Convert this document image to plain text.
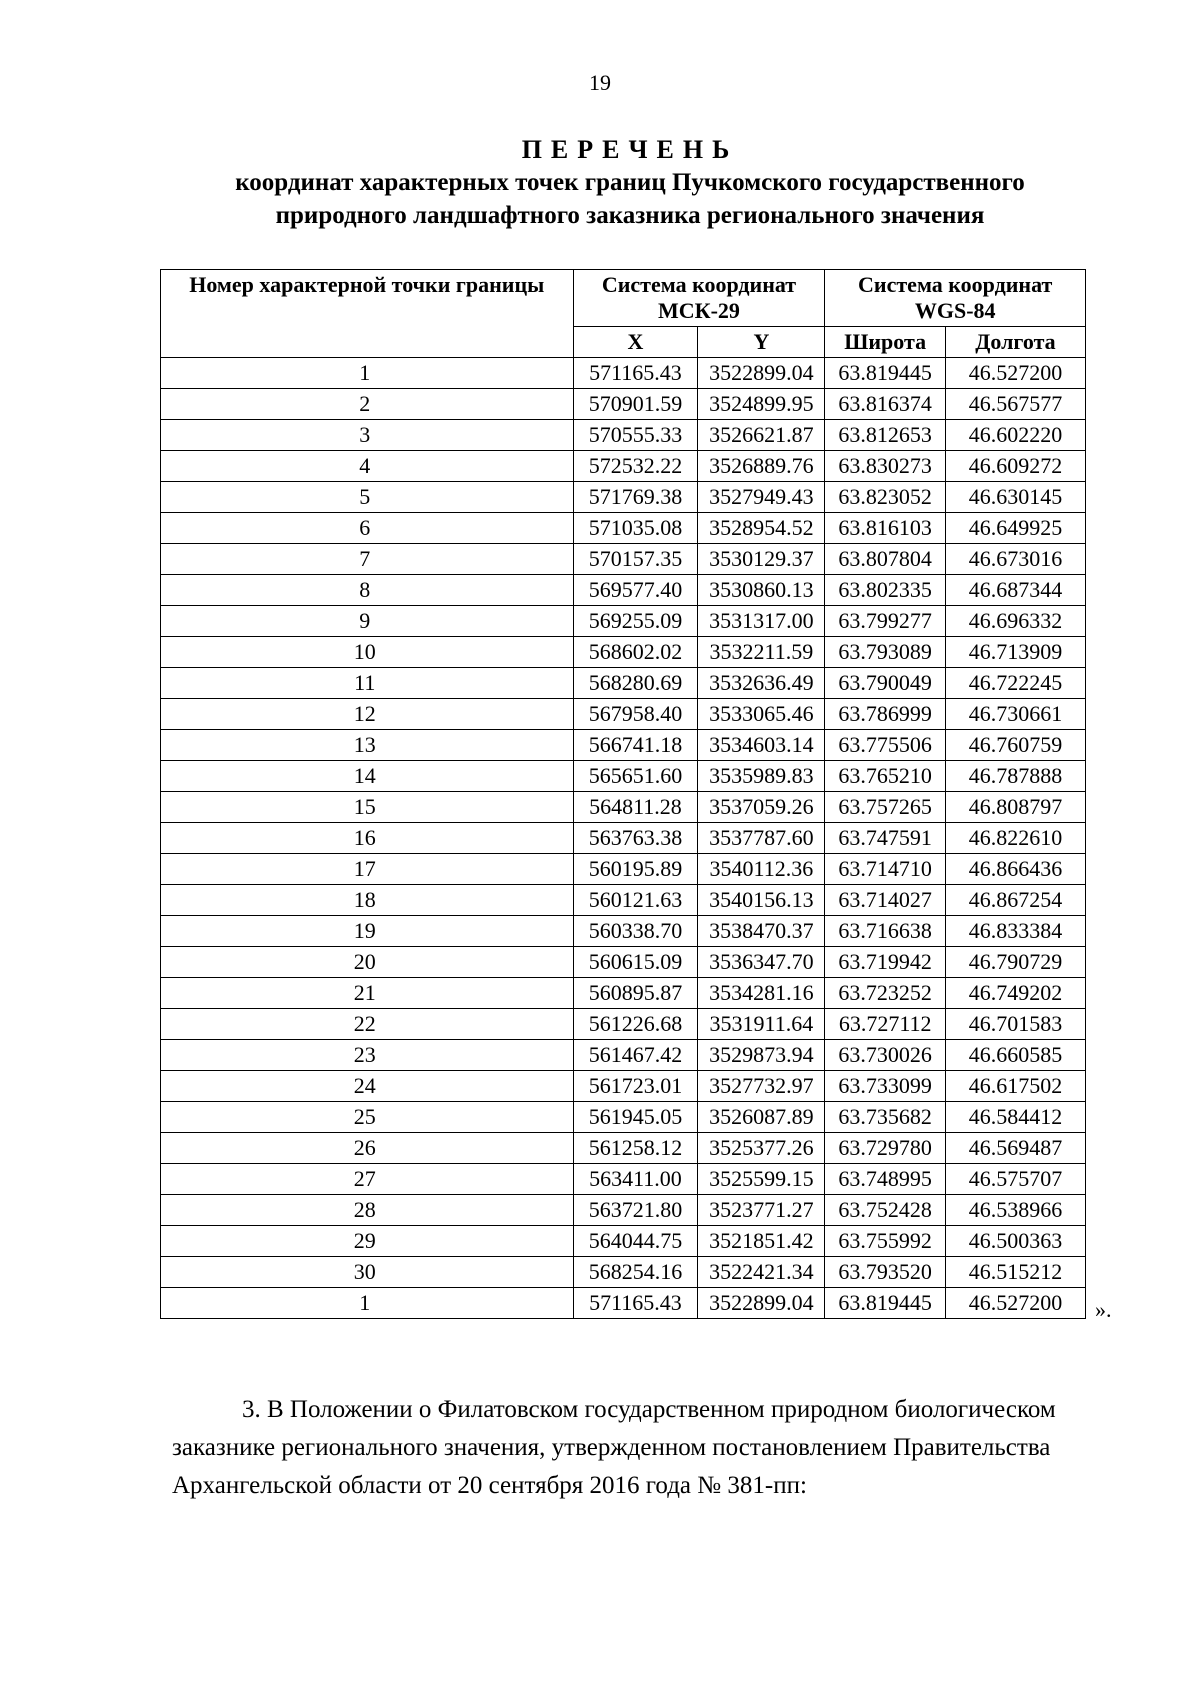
19
ПЕРЕЧЕНЬ
координат характерных точек границ Пучкомского государственного
природного ландшафтного заказника регионального значения
Номер характерной точки границы	Система координат МСК-29		Система координат WGS-84	
	X	Y	Широта	Долгота
1	571165.43	3522899.04	63.819445	46.527200
2	570901.59	3524899.95	63.816374	46.567577
3	570555.33	3526621.87	63.812653	46.602220
4	572532.22	3526889.76	63.830273	46.609272
5	571769.38	3527949.43	63.823052	46.630145
6	571035.08	3528954.52	63.816103	46.649925
7	570157.35	3530129.37	63.807804	46.673016
8	569577.40	3530860.13	63.802335	46.687344
9	569255.09	3531317.00	63.799277	46.696332
10	568602.02	3532211.59	63.793089	46.713909
11	568280.69	3532636.49	63.790049	46.722245
12	567958.40	3533065.46	63.786999	46.730661
13	566741.18	3534603.14	63.775506	46.760759
14	565651.60	3535989.83	63.765210	46.787888
15	564811.28	3537059.26	63.757265	46.808797
16	563763.38	3537787.60	63.747591	46.822610
17	560195.89	3540112.36	63.714710	46.866436
18	560121.63	3540156.13	63.714027	46.867254
19	560338.70	3538470.37	63.716638	46.833384
20	560615.09	3536347.70	63.719942	46.790729
21	560895.87	3534281.16	63.723252	46.749202
22	561226.68	3531911.64	63.727112	46.701583
23	561467.42	3529873.94	63.730026	46.660585
24	561723.01	3527732.97	63.733099	46.617502
25	561945.05	3526087.89	63.735682	46.584412
26	561258.12	3525377.26	63.729780	46.569487
27	563411.00	3525599.15	63.748995	46.575707
28	563721.80	3523771.27	63.752428	46.538966
29	564044.75	3521851.42	63.755992	46.500363
30	568254.16	3522421.34	63.793520	46.515212
1	571165.43	3522899.04	63.819445	46.527200 ».
3. В Положении о Филатовском государственном природном биологическом
заказнике регионального значения, утвержденном постановлением Правительства
Архангельской области от 20 сентября 2016 года № 381-пп:
